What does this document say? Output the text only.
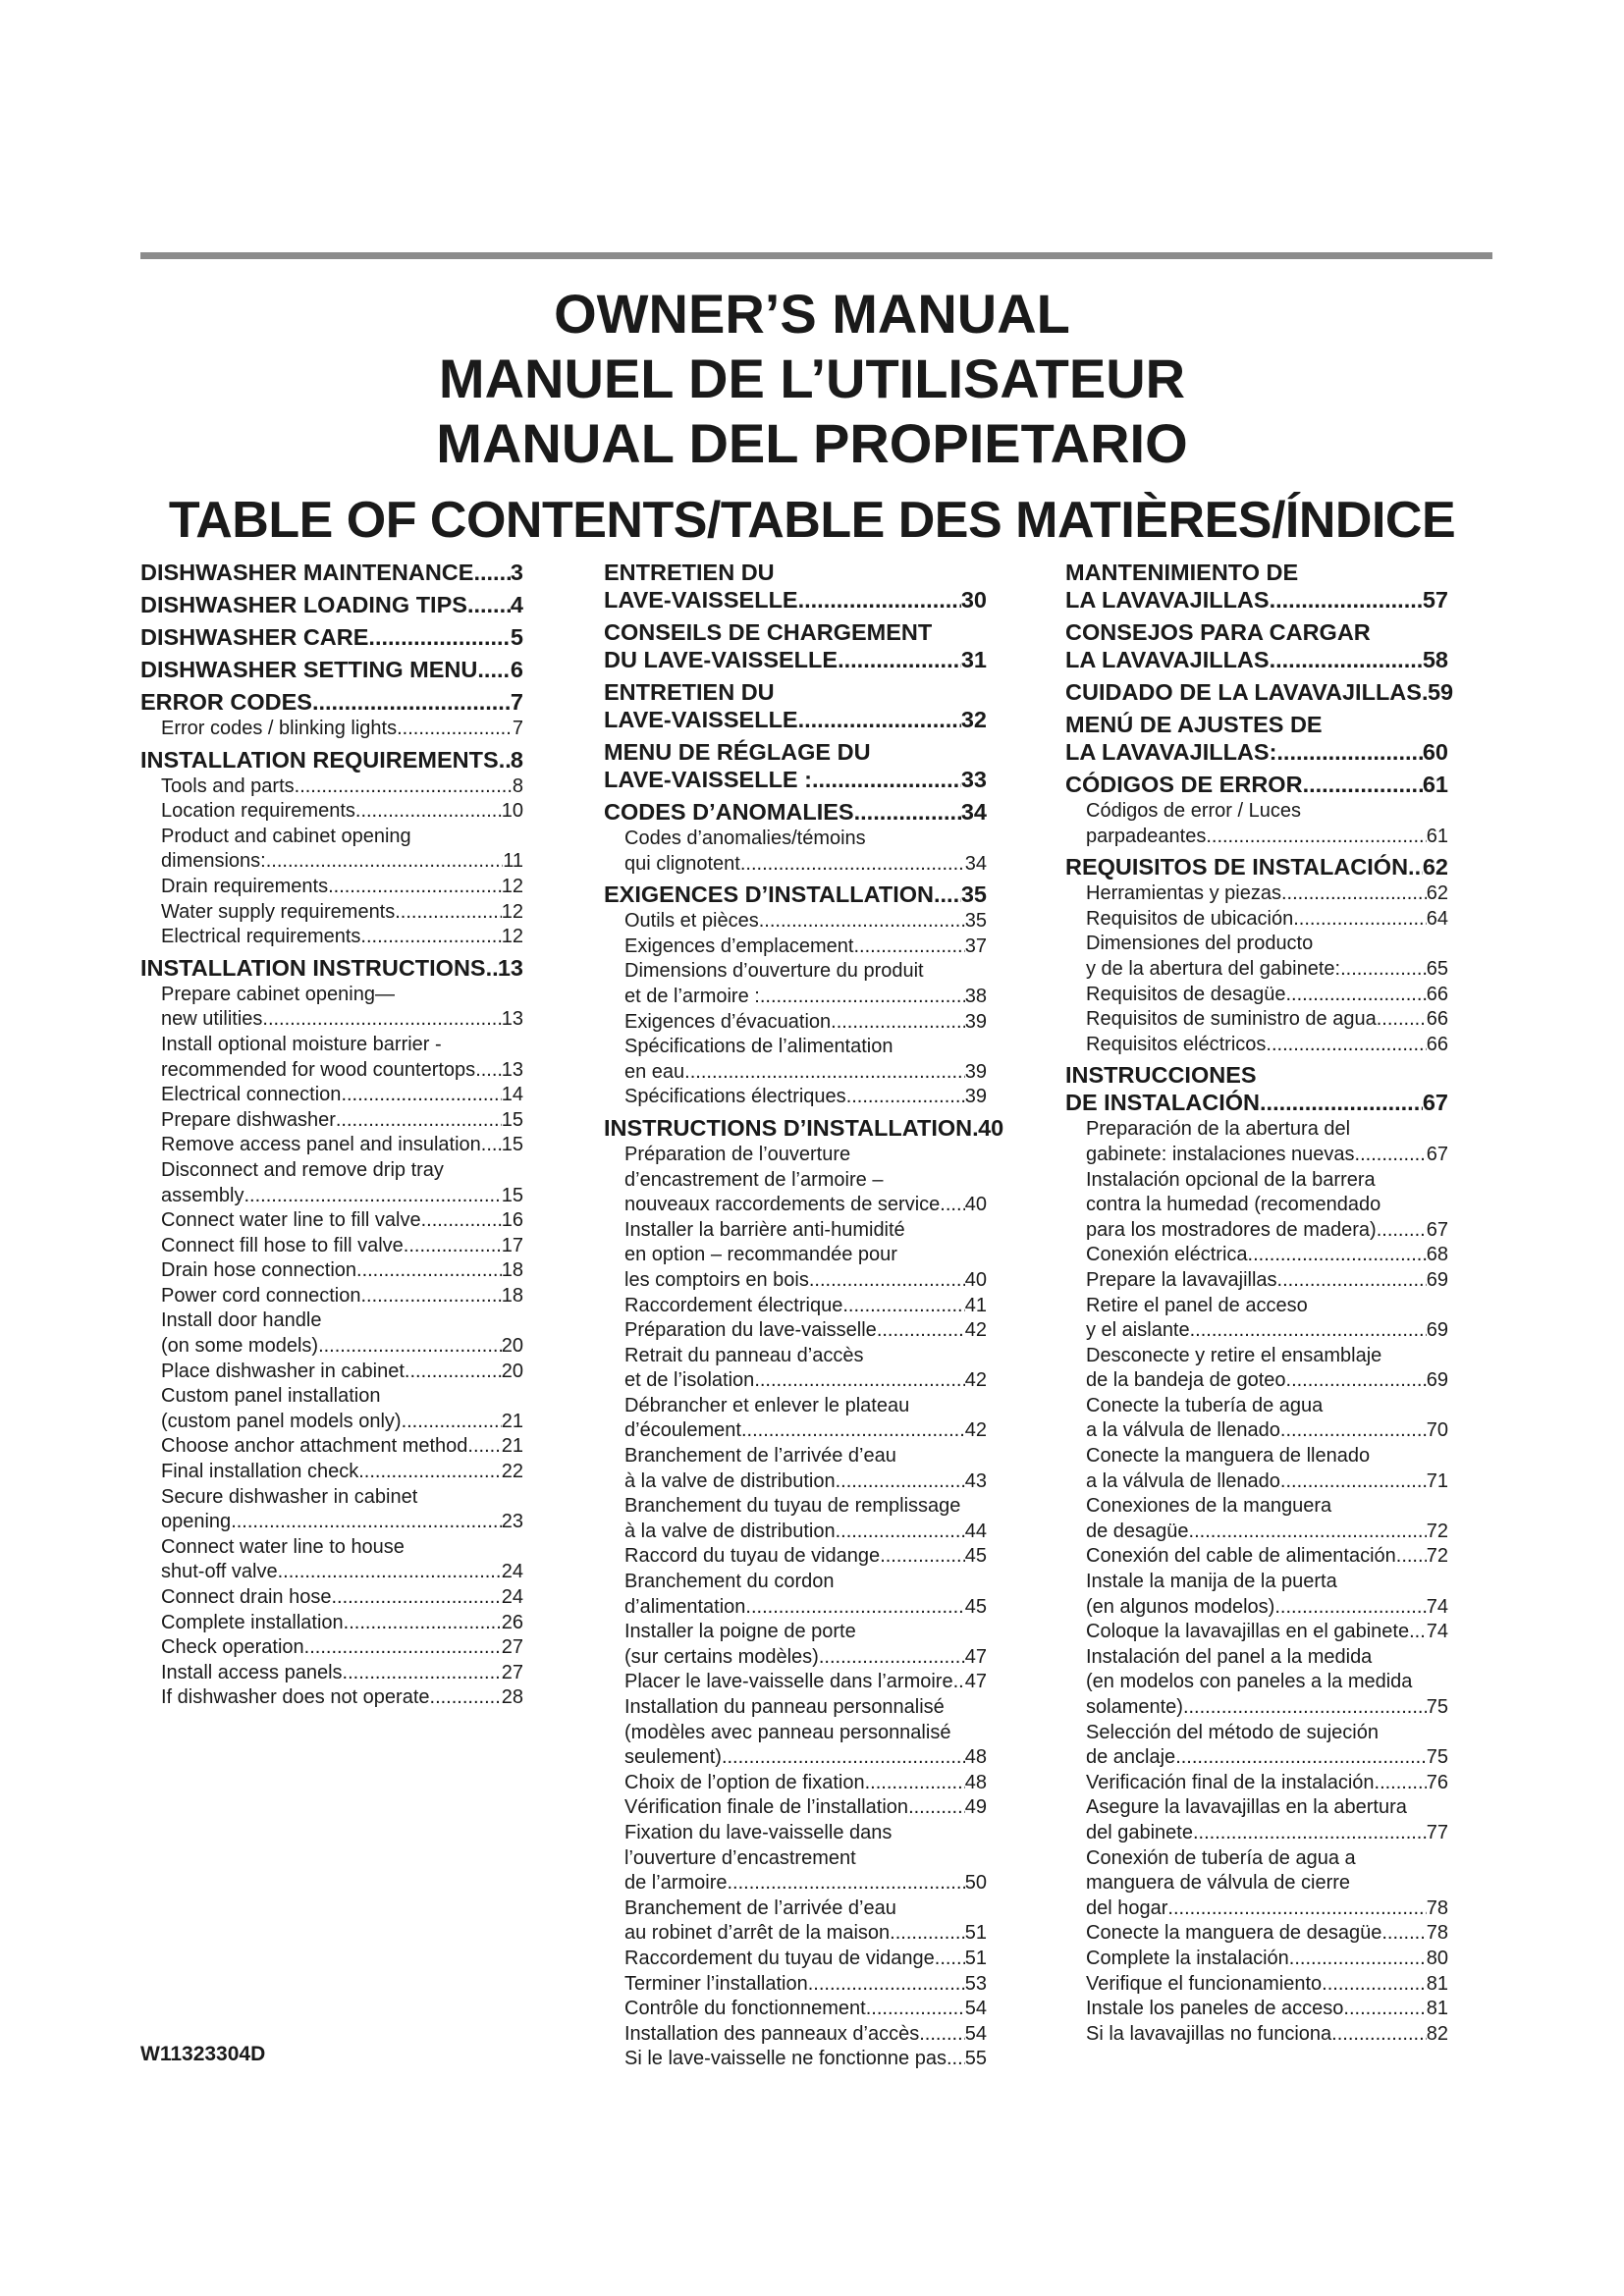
OWNER’S MANUAL
MANUEL DE L’UTILISATEUR
MANUAL DEL PROPIETARIO
TABLE OF CONTENTS/TABLE DES MATIÈRES/ÍNDICE
DISHWASHER MAINTENANCE ..... 3
DISHWASHER LOADING TIPS ..... 4
DISHWASHER CARE .....	5
DISHWASHER SETTING MENU ..... 6
ERROR CODES .....	7
Error codes / blinking lights .....	7
INSTALLATION REQUIREMENTS ..... 8
Tools and parts .....	8
Location requirements .....	10
Product and cabinet opening
dimensions: .....	11
Drain requirements .....	12
Water supply requirements .....	12
Electrical requirements .....	12
INSTALLATION INSTRUCTIONS ..... 13
Prepare cabinet opening—
new utilities .....	13
Install optional moisture barrier -
recommended for wood countertops ..... 13
Electrical connection .....	14
Prepare dishwasher .....	15
Remove access panel and insulation ..... 15
Disconnect and remove drip tray
assembly .....	15
Connect water line to fill valve .....	16
Connect fill hose to fill valve .....	17
Drain hose connection .....	18
Power cord connection .....	18
Install door handle
(on some models) .....	20
Place dishwasher in cabinet .....	20
Custom panel installation
(custom panel models only) .....	21
Choose anchor attachment method ..... 21
Final installation check .....	22
Secure dishwasher in cabinet
opening .....	23
Connect water line to house
shut-off valve .....	24
Connect drain hose .....	24
Complete installation .....	26
Check operation .....	27
Install access panels .....	27
If dishwasher does not operate .....	28
ENTRETIEN DU
LAVE-VAISSELLE .....	30
CONSEILS DE CHARGEMENT
DU LAVE-VAISSELLE .....	31
ENTRETIEN DU
LAVE-VAISSELLE .....	32
MENU DE RÉGLAGE DU
LAVE-VAISSELLE : .....	33
CODES D’ANOMALIES .....	34
Codes d’anomalies/témoins
qui clignotent .....	34
EXIGENCES D’INSTALLATION ..... 35
Outils et pièces .....	35
Exigences d’emplacement .....	37
Dimensions d’ouverture du produit
et de l’armoire : .....	38
Exigences d’évacuation .....	39
Spécifications de l’alimentation
en eau .....	39
Spécifications électriques .....	39
INSTRUCTIONS D’INSTALLATION ..... 40
Préparation de l’ouverture
d’encastrement de l’armoire –
nouveaux raccordements de service ..... 40
Installer la barrière anti-humidité
en option – recommandée pour
les comptoirs en bois .....	40
Raccordement électrique .....	41
Préparation du lave-vaisselle .....	42
Retrait du panneau d’accès
et de l’isolation .....	42
Débrancher et enlever le plateau
d’écoulement .....	42
Branchement de l’arrivée d’eau
à la valve de distribution .....	43
Branchement du tuyau de remplissage
à la valve de distribution .....	44
Raccord du tuyau de vidange .....	45
Branchement du cordon
d’alimentation .....	45
Installer la poigne de porte
(sur certains modèles) .....	47
Placer le lave-vaisselle dans l’armoire ..... 47
Installation du panneau personnalisé
(modèles avec panneau personnalisé
seulement) .....	48
Choix de l’option de fixation .....	48
Vérification finale de l’installation .....	49
Fixation du lave-vaisselle dans
l’ouverture d’encastrement
de l’armoire .....	50
Branchement de l’arrivée d’eau
au robinet d’arrêt de la maison .....	51
Raccordement du tuyau de vidange ..... 51
Terminer l’installation .....	53
Contrôle du fonctionnement .....	54
Installation des panneaux d’accès ..... 54
Si le lave-vaisselle ne fonctionne pas ..... 55
MANTENIMIENTO DE
LA LAVAVAJILLAS .....	57
CONSEJOS PARA CARGAR
LA LAVAVAJILLAS .....	58
CUIDADO DE LA LAVAVAJILLAS ..... 59
MENÚ DE AJUSTES DE
LA LAVAVAJILLAS: .....	60
CÓDIGOS DE ERROR .....	61
Códigos de error / Luces
parpadeantes .....	61
REQUISITOS DE INSTALACIÓN ..... 62
Herramientas y piezas .....	62
Requisitos de ubicación .....	64
Dimensiones del producto
y de la abertura del gabinete: .....	65
Requisitos de desagüe .....	66
Requisitos de suministro de agua .....	66
Requisitos eléctricos .....	66
INSTRUCCIONES
DE INSTALACIÓN .....	67
Preparación de la abertura del
gabinete: instalaciones nuevas .....	67
Instalación opcional de la barrera
contra la humedad (recomendado
para los mostradores de madera) .....	67
Conexión eléctrica .....	68
Prepare la lavavajillas .....	69
Retire el panel de acceso
y el aislante .....	69
Desconecte y retire el ensamblaje
de la bandeja de goteo .....	69
Conecte la tubería de agua
a la válvula de llenado .....	70
Conecte la manguera de llenado
a la válvula de llenado .....	71
Conexiones de la manguera
de desagüe .....	72
Conexión del cable de alimentación ..... 72
Instale la manija de la puerta
(en algunos modelos) .....	74
Coloque la lavavajillas en el gabinete ..... 74
Instalación del panel a la medida
(en modelos con paneles a la medida
solamente) .....	75
Selección del método de sujeción
de anclaje .....	75
Verificación final de la instalación .....	76
Asegure la lavavajillas en la abertura
del gabinete .....	77
Conexión de tubería de agua a
manguera de válvula de cierre
del hogar .....	78
Conecte la manguera de desagüe ..... 78
Complete la instalación .....	80
Verifique el funcionamiento .....	81
Instale los paneles de acceso .....	81
Si la lavavajillas no funciona .....	82
W11323304D
